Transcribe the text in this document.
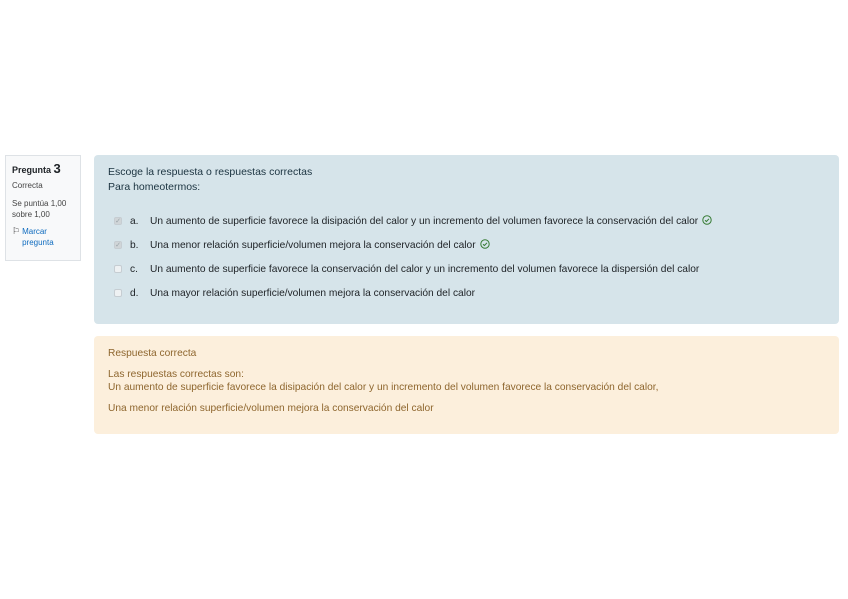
Pregunta 3
Correcta
Se puntúa 1,00
sobre 1,00
⚐ Marcar pregunta
Escoge la respuesta o respuestas correctas
Para homeotermos:
✓ a.	Un aumento de superficie favorece la disipación del calor y un incremento del volumen favorece la conservación del calor
✓ b.	Una menor relación superficie/volumen mejora la conservación del calor
c.	Un aumento de superficie favorece la conservación del calor y un incremento del volumen favorece la dispersión del calor
d.	Una mayor relación superficie/volumen mejora la conservación del calor
Respuesta correcta
Las respuestas correctas son:
Un aumento de superficie favorece la disipación del calor y un incremento del volumen favorece la conservación del calor,
Una menor relación superficie/volumen mejora la conservación del calor
